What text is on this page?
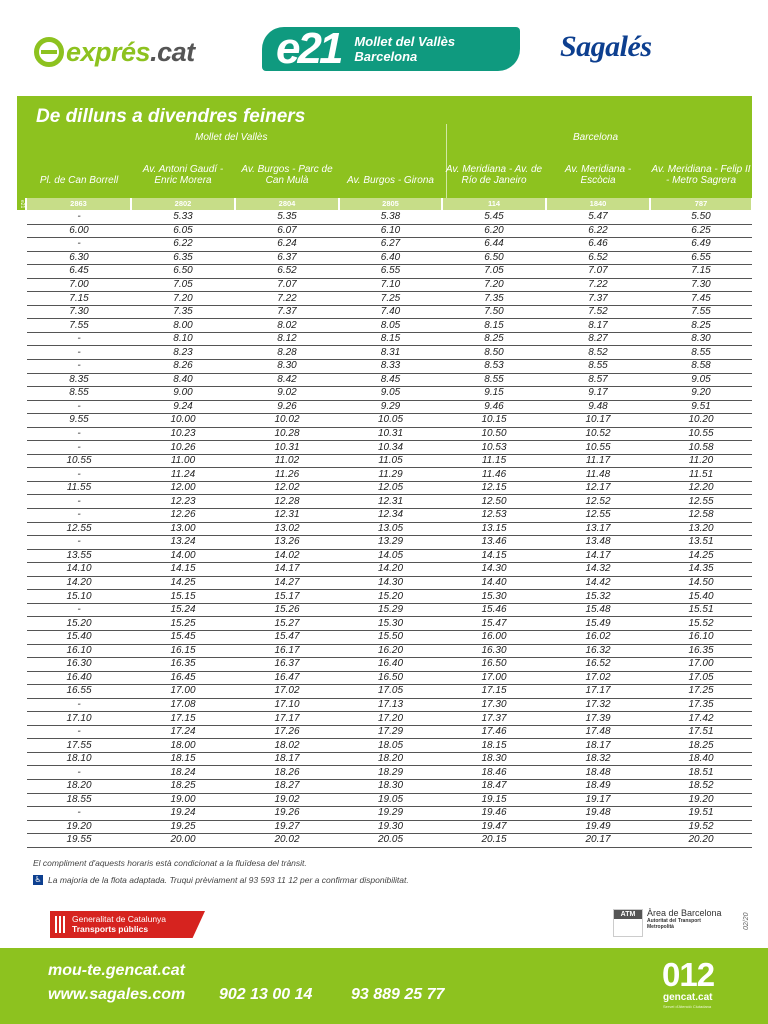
exprés.cat e21 Mollet del Vallès
Barcelona	Sagalés
De dilluns a divendres feiners
Mollet del Vallès	Barcelona
Pl. de Can Borrell
Av. Antoni Gaudí - Enric Morera
Av. Burgos - Parc de Can Mulà	Av. Burgos - Girona
Av. Meridiana - Av. de Río de Janeiro
Av. Meridiana - Escòcia
Av. Meridiana - Felip II - Metro Sagrera
e21	2863	2802	2804	2805	114	1840	787
-	5.33	5.35	5.38	5.45	5.47	5.50
6.00	6.05	6.07	6.10	6.20	6.22	6.25
-	6.22	6.24	6.27	6.44	6.46	6.49
6.30	6.35	6.37	6.40	6.50	6.52	6.55
6.45	6.50	6.52	6.55	7.05	7.07	7.15
7.00	7.05	7.07	7.10	7.20	7.22	7.30
7.15	7.20	7.22	7.25	7.35	7.37	7.45
7.30	7.35	7.37	7.40	7.50	7.52	7.55
7.55	8.00	8.02	8.05	8.15	8.17	8.25
-	8.10	8.12	8.15	8.25	8.27	8.30
-	8.23	8.28	8.31	8.50	8.52	8.55
-	8.26	8.30	8.33	8.53	8.55	8.58
8.35	8.40	8.42	8.45	8.55	8.57	9.05
8.55	9.00	9.02	9.05	9.15	9.17	9.20
-	9.24	9.26	9.29	9.46	9.48	9.51
9.55	10.00	10.02	10.05	10.15	10.17	10.20
-	10.23	10.28	10.31	10.50	10.52	10.55
-	10.26	10.31	10.34	10.53	10.55	10.58
10.55	11.00	11.02	11.05	11.15	11.17	11.20
-	11.24	11.26	11.29	11.46	11.48	11.51
11.55	12.00	12.02	12.05	12.15	12.17	12.20
-	12.23	12.28	12.31	12.50	12.52	12.55
-	12.26	12.31	12.34	12.53	12.55	12.58
12.55	13.00	13.02	13.05	13.15	13.17	13.20
-	13.24	13.26	13.29	13.46	13.48	13.51
13.55	14.00	14.02	14.05	14.15	14.17	14.25
14.10	14.15	14.17	14.20	14.30	14.32	14.35
14.20	14.25	14.27	14.30	14.40	14.42	14.50
15.10	15.15	15.17	15.20	15.30	15.32	15.40
-	15.24	15.26	15.29	15.46	15.48	15.51
15.20	15.25	15.27	15.30	15.47	15.49	15.52
15.40	15.45	15.47	15.50	16.00	16.02	16.10
16.10	16.15	16.17	16.20	16.30	16.32	16.35
16.30	16.35	16.37	16.40	16.50	16.52	17.00
16.40	16.45	16.47	16.50	17.00	17.02	17.05
16.55	17.00	17.02	17.05	17.15	17.17	17.25
-	17.08	17.10	17.13	17.30	17.32	17.35
17.10	17.15	17.17	17.20	17.37	17.39	17.42
-	17.24	17.26	17.29	17.46	17.48	17.51
17.55	18.00	18.02	18.05	18.15	18.17	18.25
18.10	18.15	18.17	18.20	18.30	18.32	18.40
-	18.24	18.26	18.29	18.46	18.48	18.51
18.20	18.25	18.27	18.30	18.47	18.49	18.52
18.55	19.00	19.02	19.05	19.15	19.17	19.20
-	19.24	19.26	19.29	19.46	19.48	19.51
19.20	19.25	19.27	19.30	19.47	19.49	19.52
19.55	20.00	20.02	20.05	20.15	20.17	20.20
El compliment d'aquests horaris està condicionat a la fluïdesa del trànsit.
♿ La majoria de la flota adaptada. Truqui prèviament al 93 593 11 12 per a confirmar disponibilitat.
Generalitat de Catalunya
Transports públics
ATM	Àrea de Barcelona
Autoritat del Transport
Metropolità	02/20
mou-te.gencat.cat
www.sagales.com 902 13 00 14 93 889 25 77
012
gencat.cat
Servei d'Atenció Ciutadana
